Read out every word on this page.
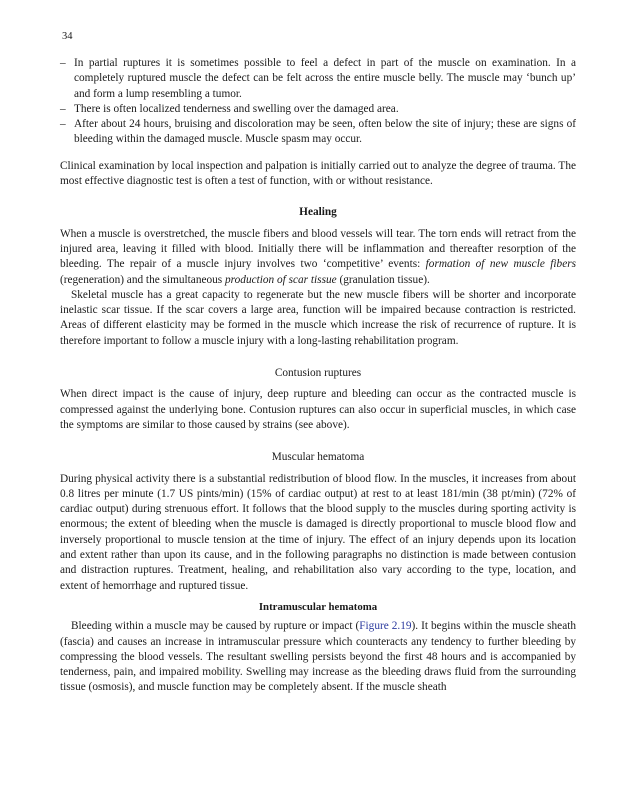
34
– In partial ruptures it is sometimes possible to feel a defect in part of the muscle on examination. In a completely ruptured muscle the defect can be felt across the entire muscle belly. The muscle may ‘bunch up’ and form a lump resembling a tumor.
– There is often localized tenderness and swelling over the damaged area.
– After about 24 hours, bruising and discoloration may be seen, often below the site of injury; these are signs of bleeding within the damaged muscle. Muscle spasm may occur.

Clinical examination by local inspection and palpation is initially carried out to analyze the degree of trauma. The most effective diagnostic test is often a test of function, with or without resistance.

Healing

When a muscle is overstretched, the muscle fibers and blood vessels will tear. The torn ends will retract from the injured area, leaving it filled with blood. Initially there will be inflammation and thereafter resorption of the bleeding. The repair of a muscle injury involves two ‘competitive’ events: formation of new muscle fibers (regeneration) and the simultaneous production of scar tissue (granulation tissue).

Skeletal muscle has a great capacity to regenerate but the new muscle fibers will be shorter and incorporate inelastic scar tissue. If the scar covers a large area, function will be impaired because contraction is restricted. Areas of different elasticity may be formed in the muscle which increase the risk of recurrence of rupture. It is therefore important to follow a muscle injury with a long-lasting rehabilitation program.

Contusion ruptures

When direct impact is the cause of injury, deep rupture and bleeding can occur as the contracted muscle is compressed against the underlying bone. Contusion ruptures can also occur in superficial muscles, in which case the symptoms are similar to those caused by strains (see above).

Muscular hematoma

During physical activity there is a substantial redistribution of blood flow. In the muscles, it increases from about 0.8 litres per minute (1.7 US pints/min) (15% of cardiac output) at rest to at least 181/min (38 pt/min) (72% of cardiac output) during strenuous effort. It follows that the blood supply to the muscles during sporting activity is enormous; the extent of bleeding when the muscle is damaged is directly proportional to muscle blood flow and inversely proportional to muscle tension at the time of injury. The effect of an injury depends upon its location and extent rather than upon its cause, and in the following paragraphs no distinction is made between contusion and distraction ruptures. Treatment, healing, and rehabilitation also vary according to the type, location, and extent of hemorrhage and ruptured tissue.

Intramuscular hematoma

Bleeding within a muscle may be caused by rupture or impact (Figure 2.19). It begins within the muscle sheath (fascia) and causes an increase in intramuscular pressure which counteracts any tendency to further bleeding by compressing the blood vessels. The resultant swelling persists beyond the first 48 hours and is accompanied by tenderness, pain, and impaired mobility. Swelling may increase as the bleeding draws fluid from the surrounding tissue (osmosis), and muscle function may be completely absent. If the muscle sheath
